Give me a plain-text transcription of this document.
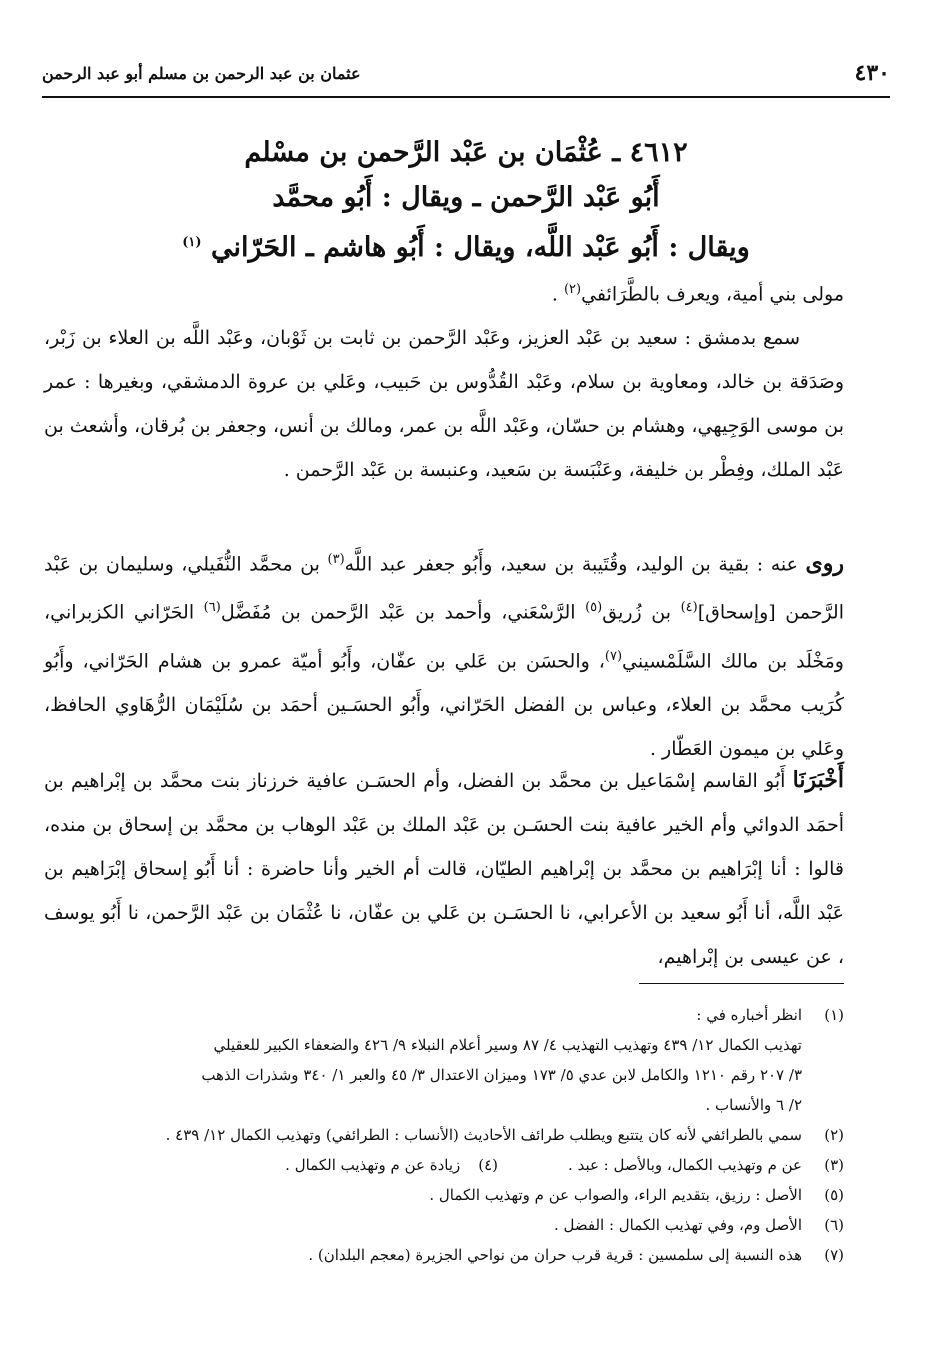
٤٣٠
عثمان بن عبد الرحمن بن مسلم أبو عبد الرحمن
٤٦١٢ ـ عُثْمَان بن عَبْد الرَّحمن بن مسْلم
أَبُو عَبْد الرَّحمن ـ ويقال : أَبُو محمَّد
ويقال : أَبُو عَبْد اللَّه، ويقال : أَبُو هاشم ـ الحَرّاني $^{(١)}$
مولى بني أمية، ويعرف بالطَّرَائفي$^{(٢)}$ .
سمع بدمشق : سعيد بن عَبْد العزيز، وعَبْد الرَّحمن بن ثابت بن ثَوْبان، وعَبْد اللَّه بن العلاء بن زَبْر، وصَدَقة بن خالد، ومعاوية بن سلام، وعَبْد القُدُّوس بن حَبيب، وعَلي بن عروة الدمشقي، وبغيرها : عمر بن موسى الوَجِيهي، وهشام بن حسّان، وعَبْد اللَّه بن عمر، ومالك بن أنس، وجعفر بن بُرقان، وأشعث بن عَبْد الملك، وفِطْر بن خليفة، وعَنْبَسة بن سَعيد، وعنبسة بن عَبْد الرَّحمن .
روى عنه : بقية بن الوليد، وقُتَيبة بن سعيد، وأَبُو جعفر عبد اللَّه$^{(٣)}$ بن محمَّد النُّفَيلي، وسليمان بن عَبْد الرَّحمن [وإسحاق]$^{(٤)}$ بن زُريق$^{(٥)}$ الرَّسْعَني، وأحمد بن عَبْد الرَّحمن بن مُفَضَّل$^{(٦)}$ الحَرّاني الكزبراني، ومَخْلَد بن مالك السَّلَمْسيني$^{(٧)}$، والحسَن بن عَلي بن عفّان، وأَبُو أميّة عمرو بن هشام الحَرّاني، وأَبُو كُرَيب محمَّد بن العلاء، وعباس بن الفضل الحَرّاني، وأَبُو الحسَـين أحمَد بن سُلَيْمَان الرُّهَاوي الحافظ، وعَلي بن ميمون العَطّار .
أَخْبَرَنَا أَبُو القاسم إسْمَاعيل بن محمَّد بن الفضل، وأم الحسَـن عافية خرزناز بنت محمَّد بن إبْراهيم بن أحمَد الدوائي وأم الخير عافية بنت الحسَـن بن عَبْد الملك بن عَبْد الوهاب بن محمَّد بن إسحاق بن منده، قالوا : أنا إبْرَاهيم بن محمَّد بن إبْراهيم الطيّان، قالت أم الخير وأنا حاضرة : أنا أَبُو إسحاق إبْرَاهيم بن عَبْد اللَّه، أنا أَبُو سعيد بن الأعرابي، نا الحسَـن بن عَلي بن عفّان، نا عُثْمَان بن عَبْد الرَّحمن، نا أَبُو يوسف ، عن عيسى بن إبْراهيم،
(١)
انظر أخباره في :
تهذيب الكمال ١٢/ ٤٣٩ وتهذيب التهذيب ٤/ ٨٧ وسير أعلام النبلاء ٩/ ٤٢٦ والضعفاء الكبير للعقيلي
٣/ ٢٠٧ رقم ١٢١٠ والكامل لابن عدي ٥/ ١٧٣ وميزان الاعتدال ٣/ ٤٥ والعبر ١/ ٣٤٠ وشذرات الذهب
٢/ ٦ والأنساب .
(٢)
سمي بالطرائفي لأنه كان يتتبع ويطلب طرائف الأحاديث (الأنساب : الطرائفي) وتهذيب الكمال ١٢/ ٤٣٩ .
(٣)
عن م وتهذيب الكمال، وبالأصل : عبد .
(٤)
زيادة عن م وتهذيب الكمال .
(٥)
الأصل : رزيق، بتقديم الراء، والصواب عن م وتهذيب الكمال .
(٦)
الأصل وم، وفي تهذيب الكمال : الفضل .
(٧)
هذه النسبة إلى سلمسين : قرية قرب حران من نواحي الجزيرة (معجم البلدان) .
